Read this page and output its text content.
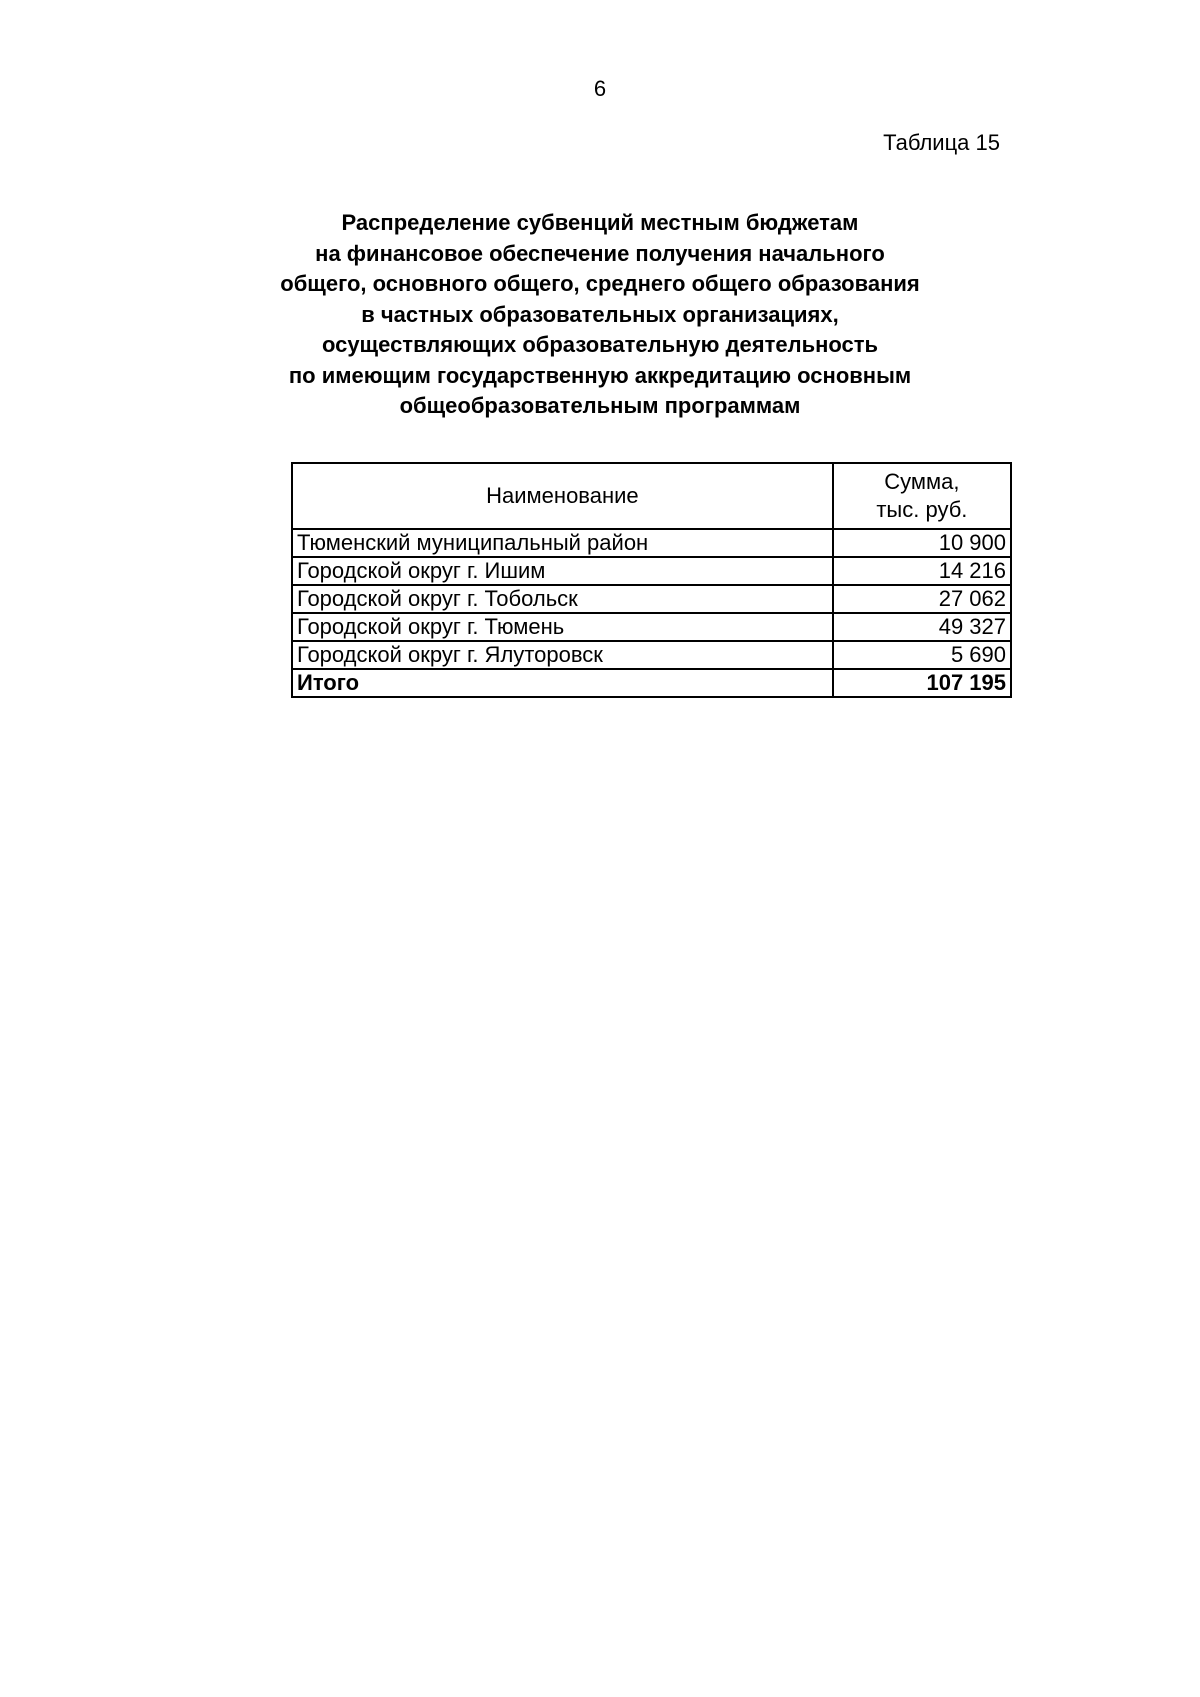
6
Таблица 15
Распределение субвенций местным бюджетам
на финансовое обеспечение получения начального
общего, основного общего, среднего общего образования
в частных образовательных организациях,
осуществляющих образовательную деятельность
по имеющим государственную аккредитацию основным
общеобразовательным программам
Наименование	Сумма,
тыс. руб.

Тюменский муниципальный район	10 900
Городской округ г. Ишим	14 216
Городской округ г. Тобольск	27 062
Городской округ г. Тюмень	49 327
Городской округ г. Ялуторовск	5 690
Итого	107 195
